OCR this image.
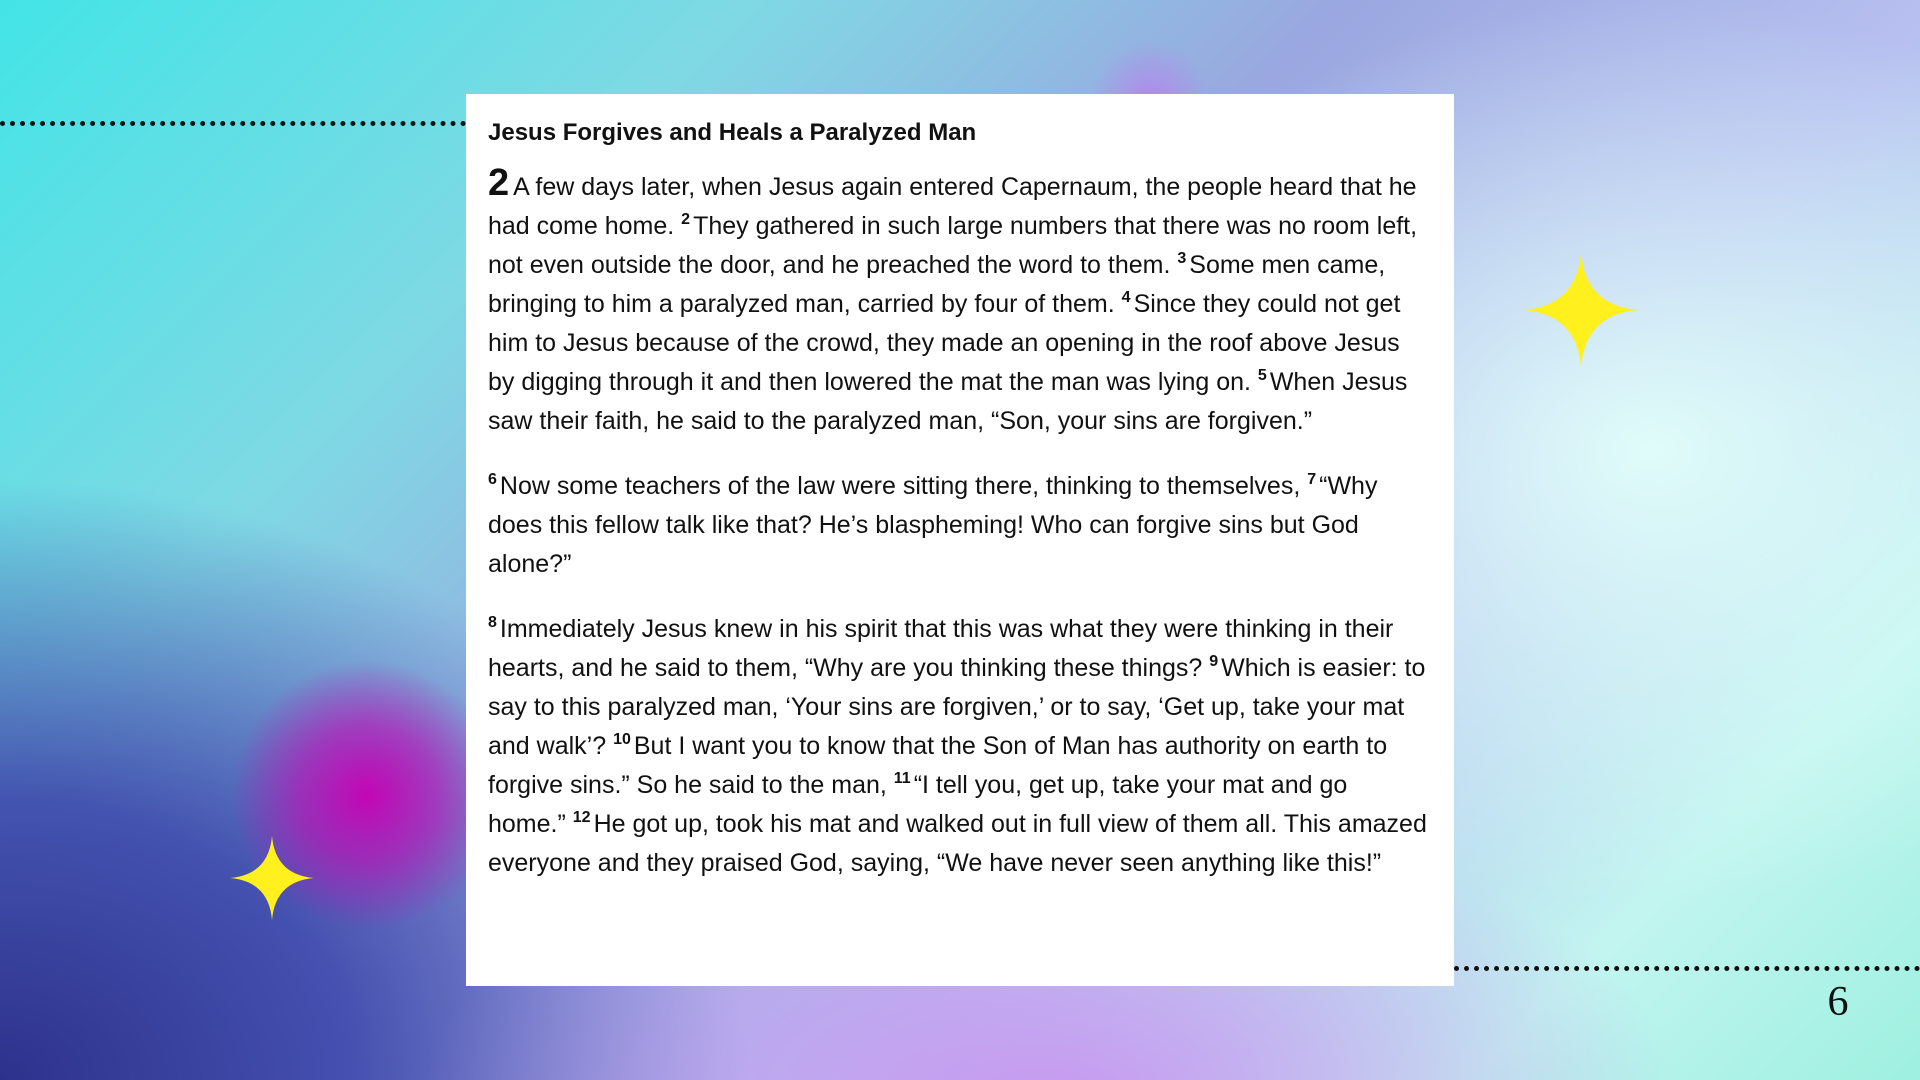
Jesus Forgives and Heals a Paralyzed Man

2 A few days later, when Jesus again entered Capernaum, the people heard that he had come home. $^2$ They gathered in such large numbers that there was no room left, not even outside the door, and he preached the word to them. $^3$ Some men came, bringing to him a paralyzed man, carried by four of them. $^4$ Since they could not get him to Jesus because of the crowd, they made an opening in the roof above Jesus by digging through it and then lowered the mat the man was lying on. $^5$ When Jesus saw their faith, he said to the paralyzed man, “Son, your sins are forgiven.”

$^6$ Now some teachers of the law were sitting there, thinking to themselves, $^7$ “Why does this fellow talk like that? He’s blaspheming! Who can forgive sins but God alone?”

$^8$ Immediately Jesus knew in his spirit that this was what they were thinking in their hearts, and he said to them, “Why are you thinking these things? $^9$ Which is easier: to say to this paralyzed man, ‘Your sins are forgiven,’ or to say, ‘Get up, take your mat and walk’? $^{10}$ But I want you to know that the Son of Man has authority on earth to forgive sins.” So he said to the man, $^{11}$ “I tell you, get up, take your mat and go home.” $^{12}$ He got up, took his mat and walked out in full view of them all. This amazed everyone and they praised God, saying, “We have never seen anything like this!”

6
